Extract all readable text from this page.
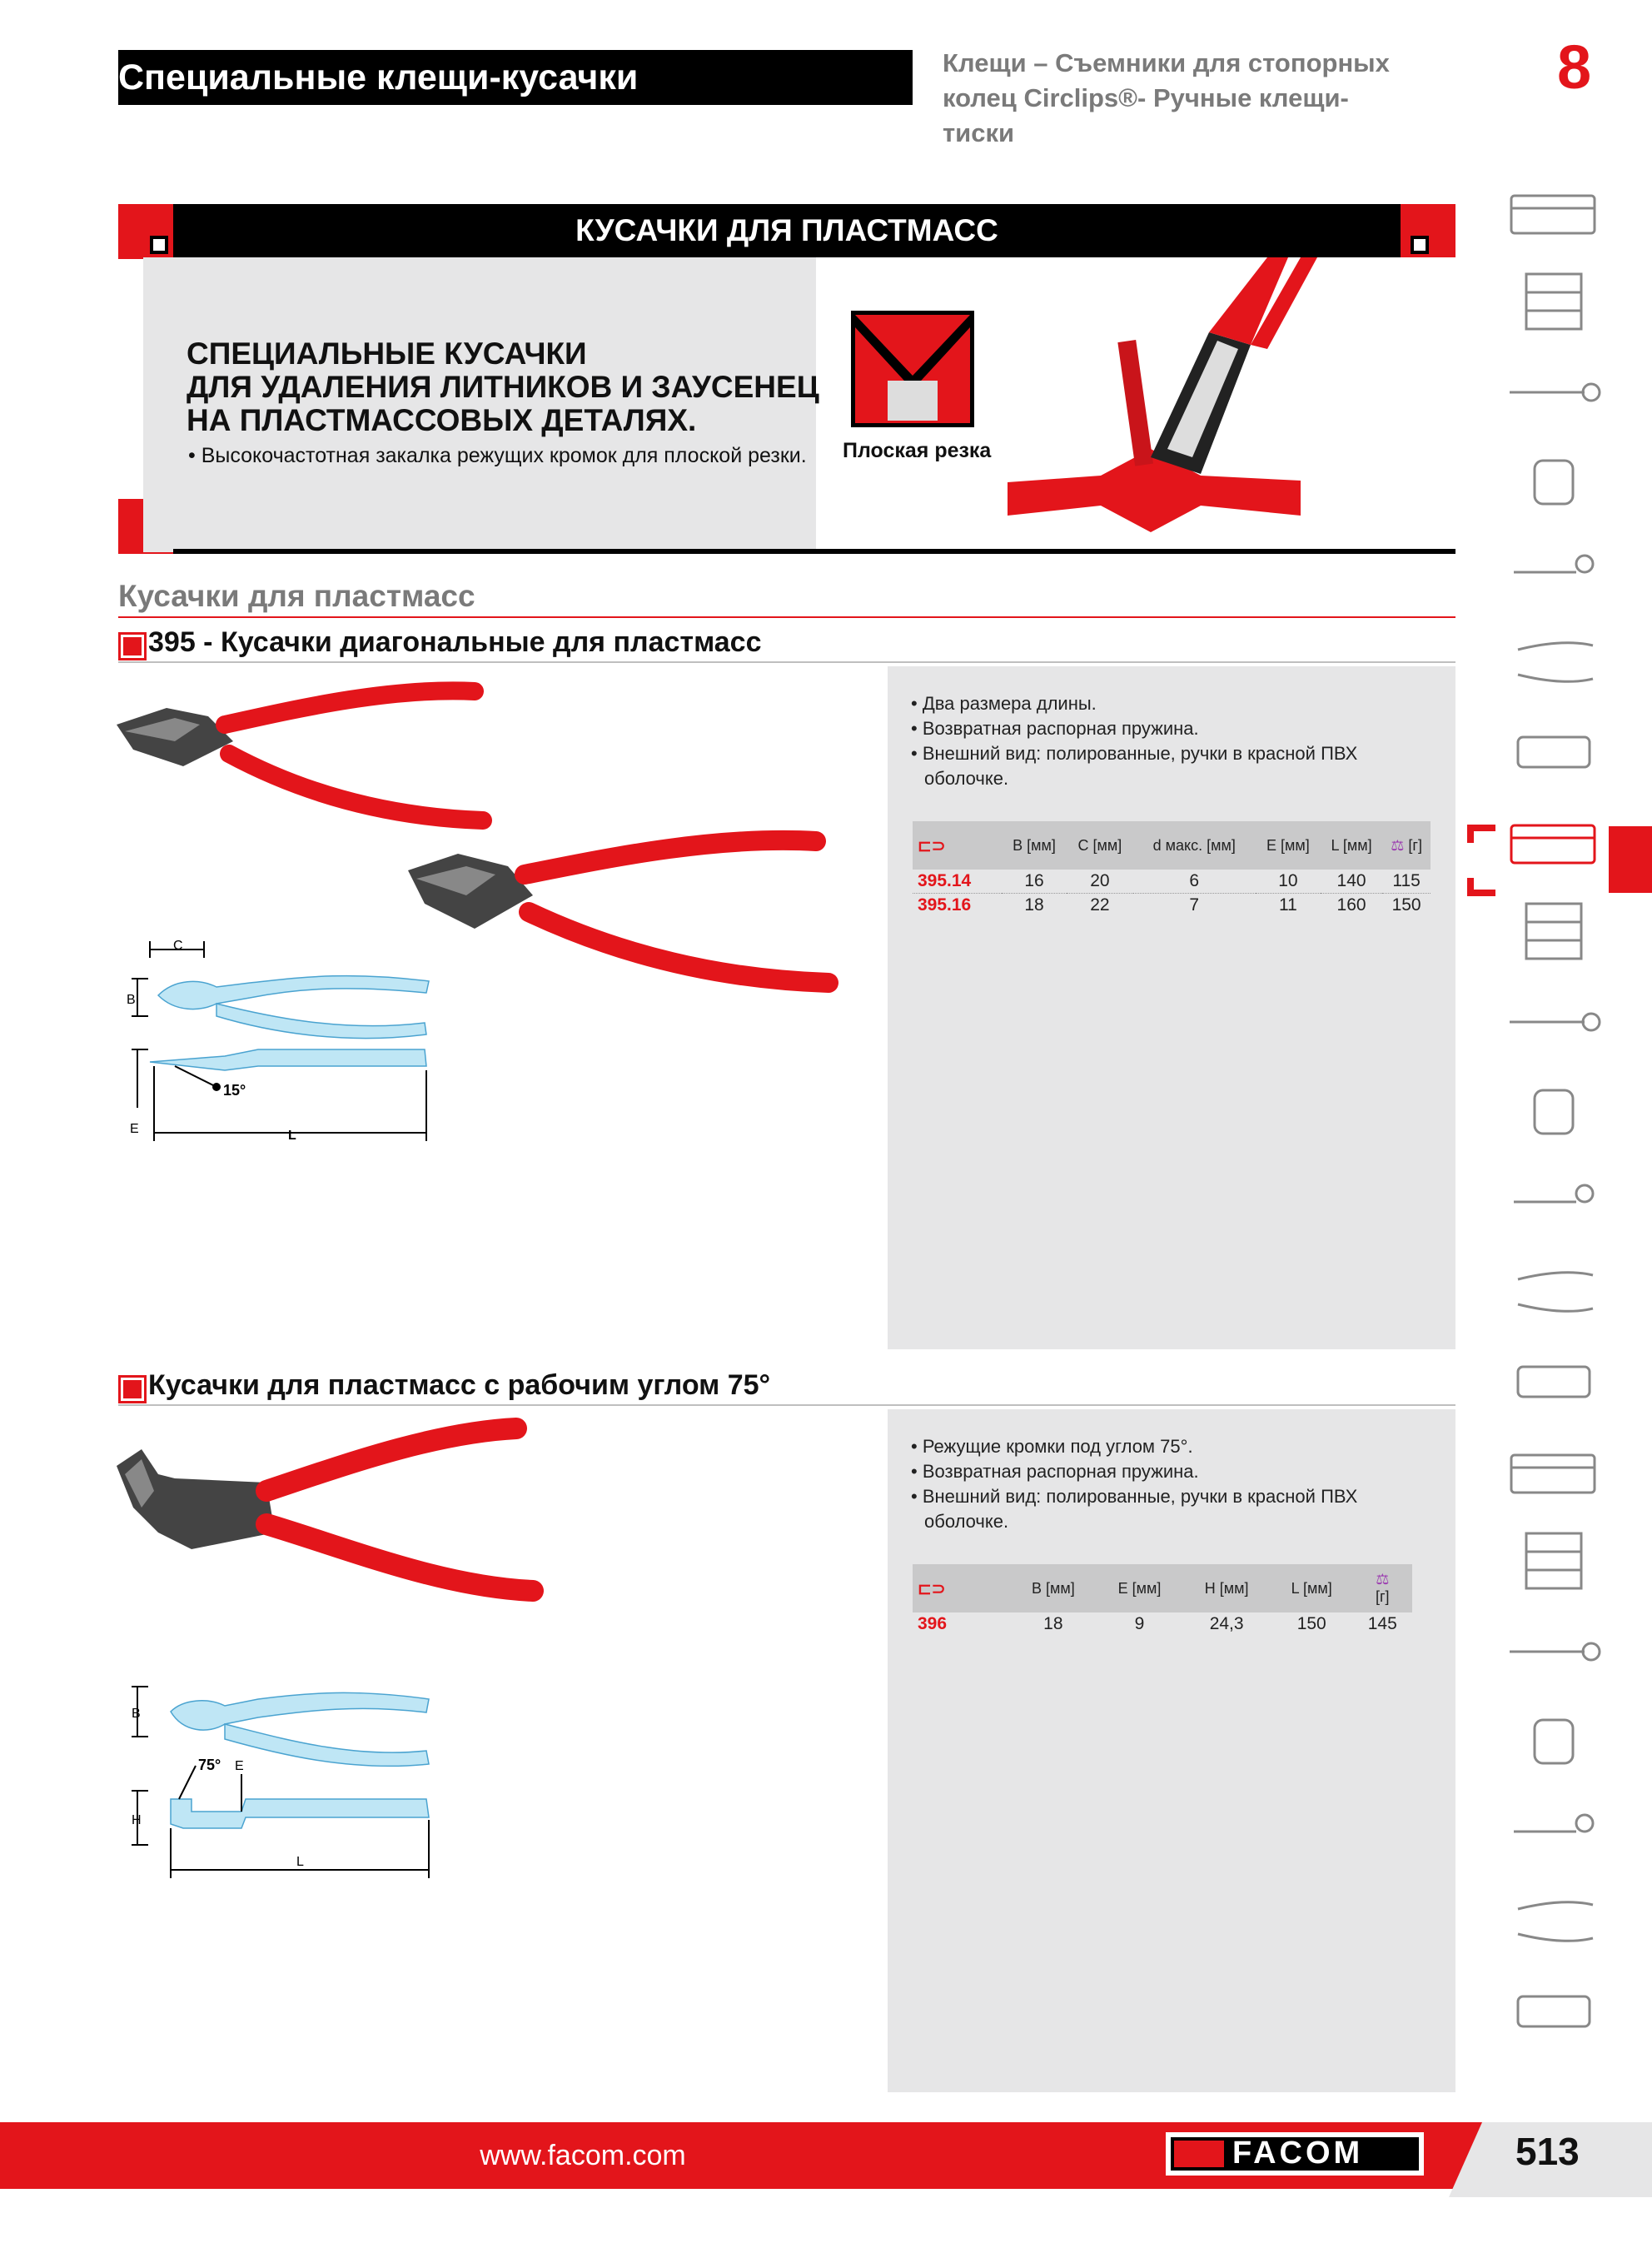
Специальные клещи-кусачки	Клещи – Съемники для стопорных
колец Circlips®- Ручные клещи-тиски
8
КУСАЧКИ ДЛЯ ПЛАСТМАСС
СПЕЦИАЛЬНЫЕ КУСАЧКИ
ДЛЯ УДАЛЕНИЯ ЛИТНИКОВ И ЗАУСЕНЕЦ
НА ПЛАСТМАССОВЫХ ДЕТАЛЯХ.
• Высокочастотная закалка режущих кромок для плоской резки. Плоская резка
Кусачки для пластмасс
395 - Кусачки диагональные для пластмасс
C
B
E	L
15°
• Два размера длины.
• Возвратная распорная пружина.
• Внешний вид: полированные, ручки в красной ПВХ
оболочке.
⊏⊃	B [мм]	C [мм]	d макс. [мм]	E [мм]	L [мм]	⚖ [г]
395.14	16	20	6	10	140	115
395.16	18	22	7	11	160	150
Кусачки для пластмасс с рабочим углом 75°
B
H
E
L
75°
• Режущие кромки под углом 75°.
• Возвратная распорная пружина.
• Внешний вид: полированные, ручки в красной ПВХ
оболочке.
⊏⊃	B [мм]	E [мм]	H [мм]	L [мм]	⚖
[г]
396	18	9	24,3	150	145
www.facom.com	FACOM	513
